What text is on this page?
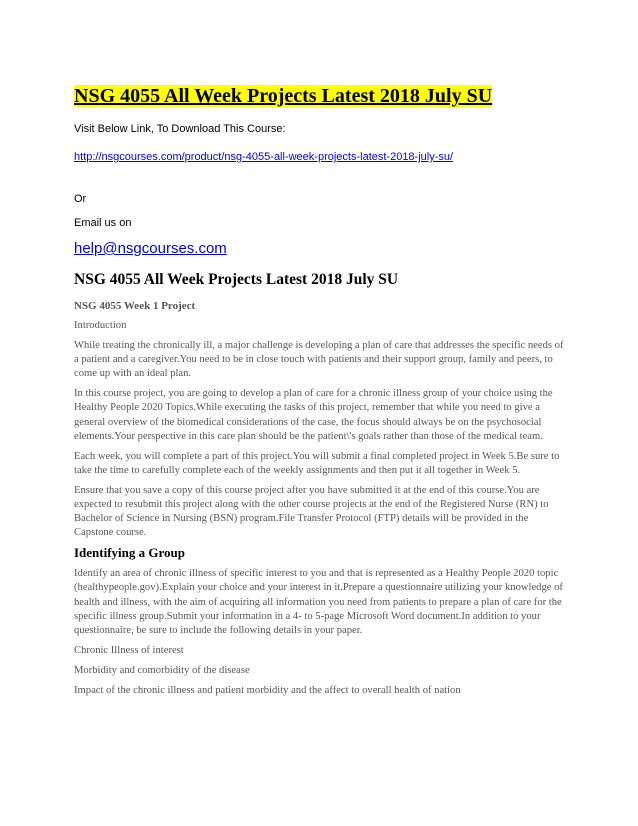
NSG 4055 All Week Projects Latest 2018 July SU

Visit Below Link, To Download This Course:

http://nsgcourses.com/product/nsg-4055-all-week-projects-latest-2018-july-su/

Or

Email us on

help@nsgcourses.com

NSG 4055 All Week Projects Latest 2018 July SU

NSG 4055 Week 1 Project

Introduction

While treating the chronically ill, a major challenge is developing a plan of care that addresses the specific needs of a patient and a caregiver.You need to be in close touch with patients and their support group, family and peers, to come up with an ideal plan.

In this course project, you are going to develop a plan of care for a chronic illness group of your choice using the Healthy People 2020 Topics.While executing the tasks of this project, remember that while you need to give a general overview of the biomedical considerations of the case, the focus should always be on the psychosocial elements.Your perspective in this care plan should be the patient\'s goals rather than those of the medical team.

Each week, you will complete a part of this project.You will submit a final completed project in Week 5.Be sure to take the time to carefully complete each of the weekly assignments and then put it all together in Week 5.

Ensure that you save a copy of this course project after you have submitted it at the end of this course.You are expected to resubmit this project along with the other course projects at the end of the Registered Nurse (RN) to Bachelor of Science in Nursing (BSN) program.File Transfer Protocol (FTP) details will be provided in the Capstone course.

Identifying a Group

Identify an area of chronic illness of specific interest to you and that is represented as a Healthy People 2020 topic (healthypeople.gov).Explain your choice and your interest in it.Prepare a questionnaire utilizing your knowledge of health and illness, with the aim of acquiring all information you need from patients to prepare a plan of care for the specific illness group.Submit your information in a 4- to 5-page Microsoft Word document.In addition to your questionnaire, be sure to include the following details in your paper.

Chronic Illness of interest

Morbidity and comorbidity of the disease

Impact of the chronic illness and patient morbidity and the affect to overall health of nation
